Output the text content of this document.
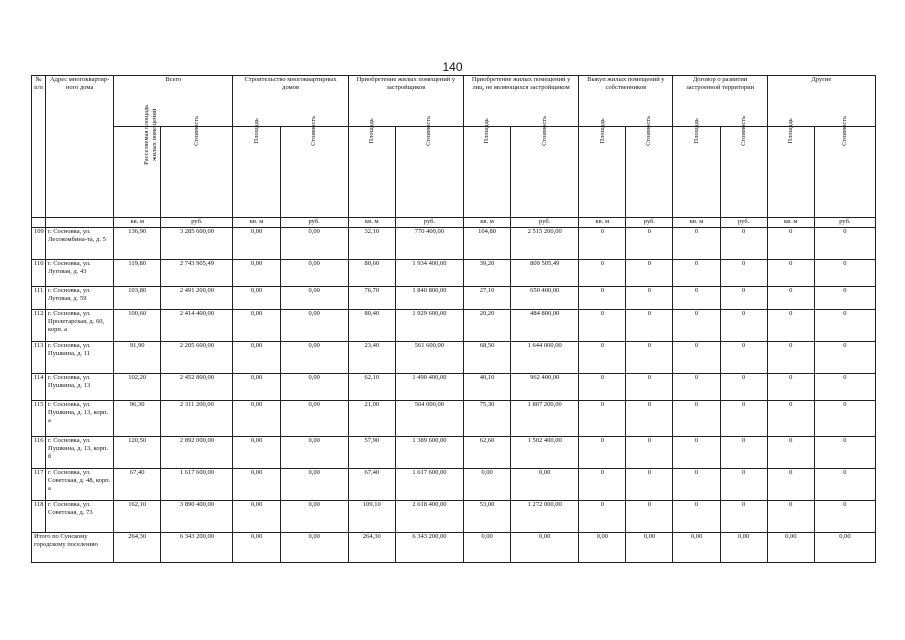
140
№ п/п	Адрес многоквартир-ного дома	Всего		Строительство многоквартирных домов		Приобретение жилых помещений у застройщиков		Приобретение жилых помещений у лиц, не являющихся застройщиком		Выкуп жилых помещений у собственников		Договор о развитии застроенной территории		Другие	
		Расселяемая площадь жилых помещений	Стоимость	Площадь	Стоимость	Площадь	Стоимость	Площадь	Стоимость	Площадь	Стоимость	Площадь	Стоимость	Площадь	Стоимость
		кв. м	руб.	кв. м	руб.	кв. м	руб.	кв. м	руб.	кв. м	руб.	кв. м	руб.	кв. м	руб.
109	г. Сосновка, ул. Лесокомбина-та, д. 5	136,90	3 285 600,00	0,00	0,00	32,10	770 400,00	104,80	2 515 200,00	0	0	0	0	0	0
110	г. Сосновка, ул. Луговая, д. 43	119,80	2 743 905,49	0,00	0,00	80,60	1 934 400,00	39,20	809 505,49	0	0	0	0	0	0
111	г. Сосновка, ул. Луговая, д. 59	103,80	2 491 200,00	0,00	0,00	76,70	1 840 800,00	27,10	650 400,00	0	0	0	0	0	0
112	г. Сосновка, ул. Пролетарская, д. 60, корп. а	100,60	2 414 400,00	0,00	0,00	80,40	1 929 600,00	20,20	484 800,00	0	0	0	0	0	0
113	г. Сосновка, ул. Пушкина, д. 11	91,90	2 205 600,00	0,00	0,00	23,40	561 600,00	68,50	1 644 000,00	0	0	0	0	0	0
114	г. Сосновка, ул. Пушкина, д. 13	102,20	2 452 800,00	0,00	0,00	62,10	1 490 400,00	40,10	962 400,00	0	0	0	0	0	0
115	г. Сосновка, ул. Пушкина, д. 13, корп. а	96,30	2 311 200,00	0,00	0,00	21,00	504 000,00	75,30	1 807 200,00	0	0	0	0	0	0
116	г. Сосновка, ул. Пушкина, д. 13, корп. б	120,50	2 892 000,00	0,00	0,00	57,90	1 389 600,00	62,60	1 502 400,00	0	0	0	0	0	0
117	г. Сосновка, ул. Советская, д. 48, корп. а	67,40	1 617 600,00	0,00	0,00	67,40	1 617 600,00	0,00	0,00	0	0	0	0	0	0
118	г. Сосновка, ул. Советская, д. 73	162,10	3 890 400,00	0,00	0,00	109,10	2 618 400,00	53,00	1 272 000,00	0	0	0	0	0	0
Итого по Сунскому городскому поселению		264,30	6 343 200,00	0,00	0,00	264,30	6 343 200,00	0,00	0,00	0,00	0,00	0,00	0,00	0,00	0,00
